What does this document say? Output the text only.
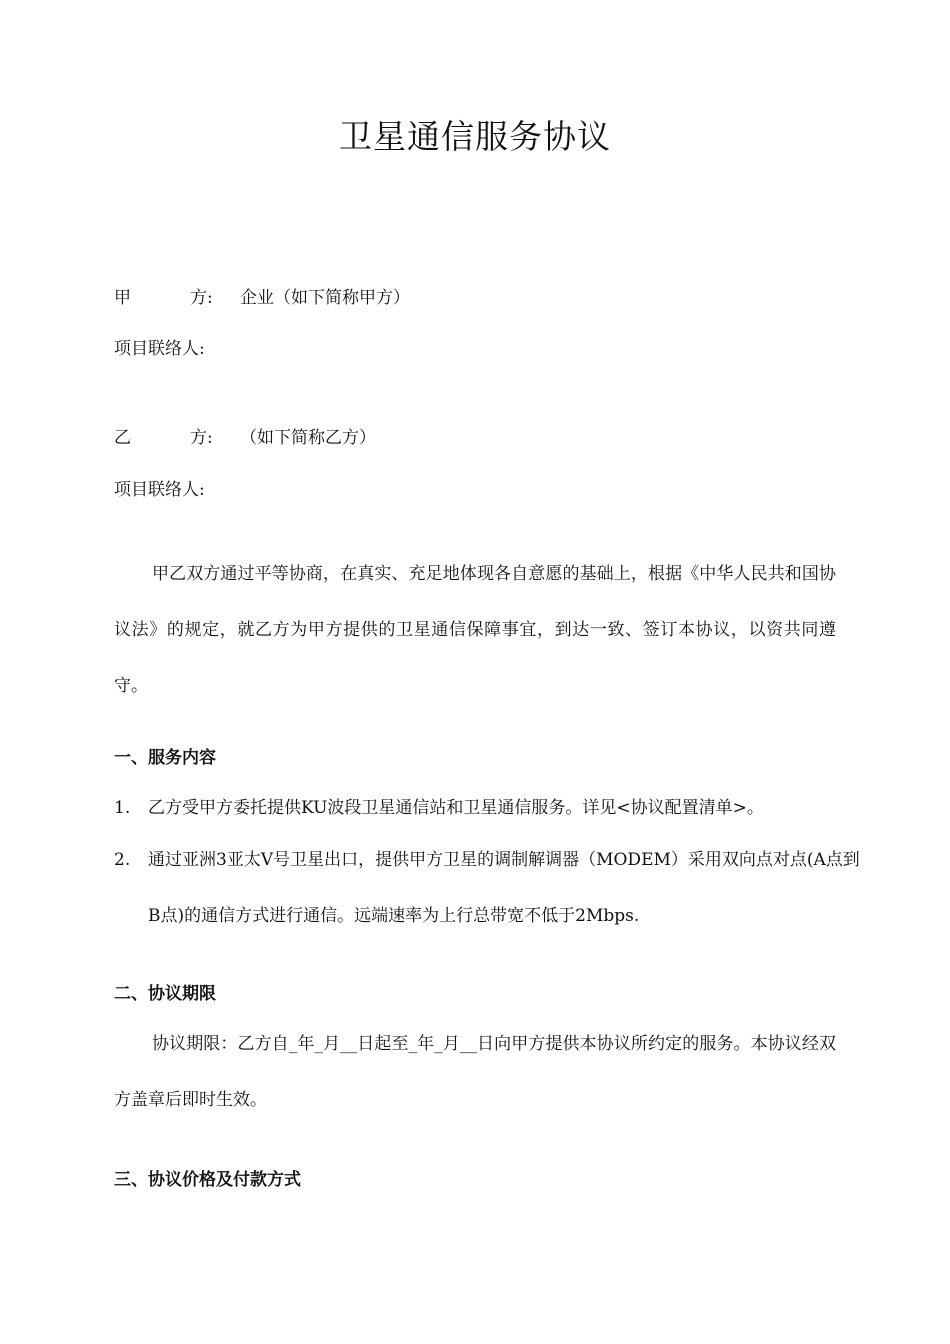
卫星通信服务协议
甲	方: 企业（如下简称甲方）
项目联络人:
乙	方: （如下简称乙方）
项目联络人:

甲乙双方通过平等协商，在真实、充足地体现各自意愿的基础上，根据《中华人民共和国协议法》的规定，就乙方为甲方提供的卫星通信保障事宜，到达一致、签订本协议，以资共同遵守。

一、服务内容

1. 乙方受甲方委托提供KU波段卫星通信站和卫星通信服务。详见<协议配置清单>。

2. 通过亚洲3亚太V号卫星出口，提供甲方卫星的调制解调器（MODEM）采用双向点对点(A点到B点)的通信方式进行通信。远端速率为上行总带宽不低于2Mbps.

二、协议期限

协议期限：乙方自_年_月__日起至_年_月__日向甲方提供本协议所约定的服务。本协议经双方盖章后即时生效。

三、协议价格及付款方式
